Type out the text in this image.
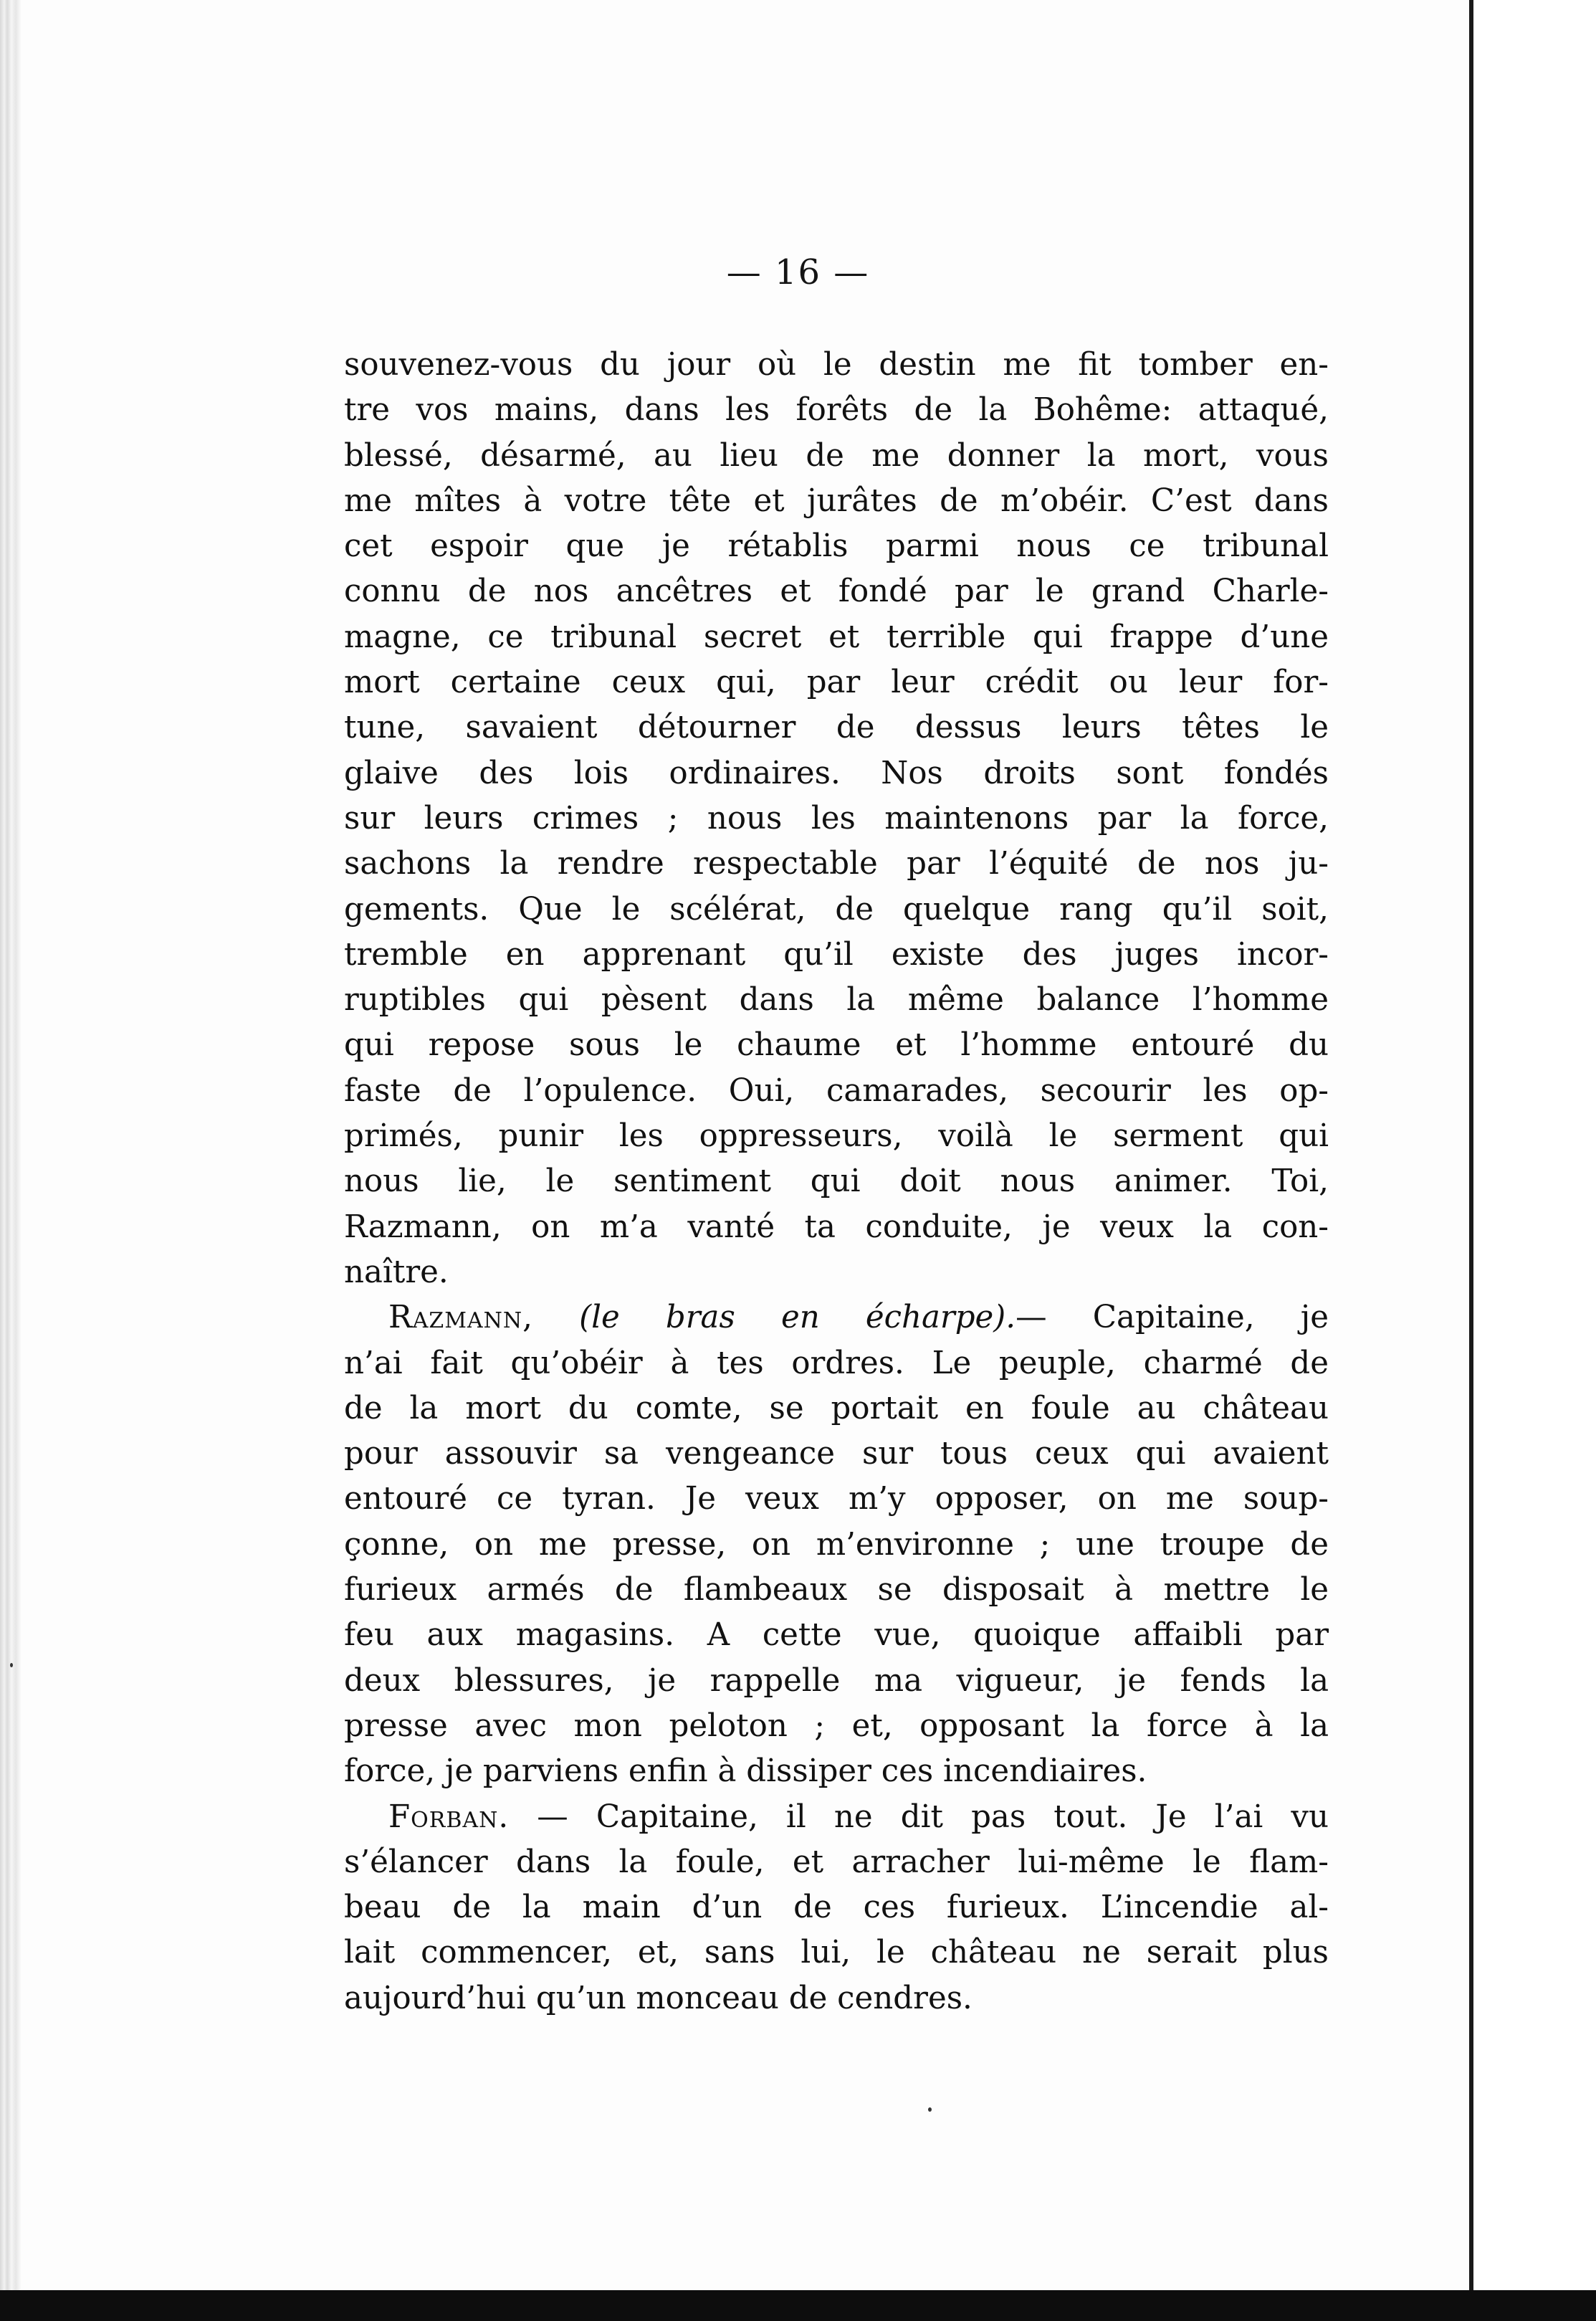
— 16 —
souvenez-vous du jour où le destin me fit tomber en-
tre vos mains, dans les forêts de la Bohême: attaqué,
blessé, désarmé, au lieu de me donner la mort, vous
me mîtes à votre tête et jurâtes de m’obéir. C’est dans
cet espoir que je rétablis parmi nous ce tribunal
connu de nos ancêtres et fondé par le grand Charle-
magne, ce tribunal secret et terrible qui frappe d’une
mort certaine ceux qui, par leur crédit ou leur for-
tune, savaient détourner de dessus leurs têtes le
glaive des lois ordinaires. Nos droits sont fondés
sur leurs crimes ; nous les maintenons par la force,
sachons la rendre respectable par l’équité de nos ju-
gements. Que le scélérat, de quelque rang qu’il soit,
tremble en apprenant qu’il existe des juges incor-
ruptibles qui pèsent dans la même balance l’homme
qui repose sous le chaume et l’homme entouré du
faste de l’opulence. Oui, camarades, secourir les op-
primés, punir les oppresseurs, voilà le serment qui
nous lie, le sentiment qui doit nous animer. Toi,
Razmann, on m’a vanté ta conduite, je veux la con-
naître.
Razmann, (le bras en écharpe).— Capitaine, je
n’ai fait qu’obéir à tes ordres. Le peuple, charmé de
de la mort du comte, se portait en foule au château
pour assouvir sa vengeance sur tous ceux qui avaient
entouré ce tyran. Je veux m’y opposer, on me soup-
çonne, on me presse, on m’environne ; une troupe de
furieux armés de flambeaux se disposait à mettre le
feu aux magasins. A cette vue, quoique affaibli par
deux blessures, je rappelle ma vigueur, je fends la
presse avec mon peloton ; et, opposant la force à la
force, je parviens enfin à dissiper ces incendiaires.
Forban. — Capitaine, il ne dit pas tout. Je l’ai vu
s’élancer dans la foule, et arracher lui-même le flam-
beau de la main d’un de ces furieux. L’incendie al-
lait commencer, et, sans lui, le château ne serait plus
aujourd’hui qu’un monceau de cendres.
